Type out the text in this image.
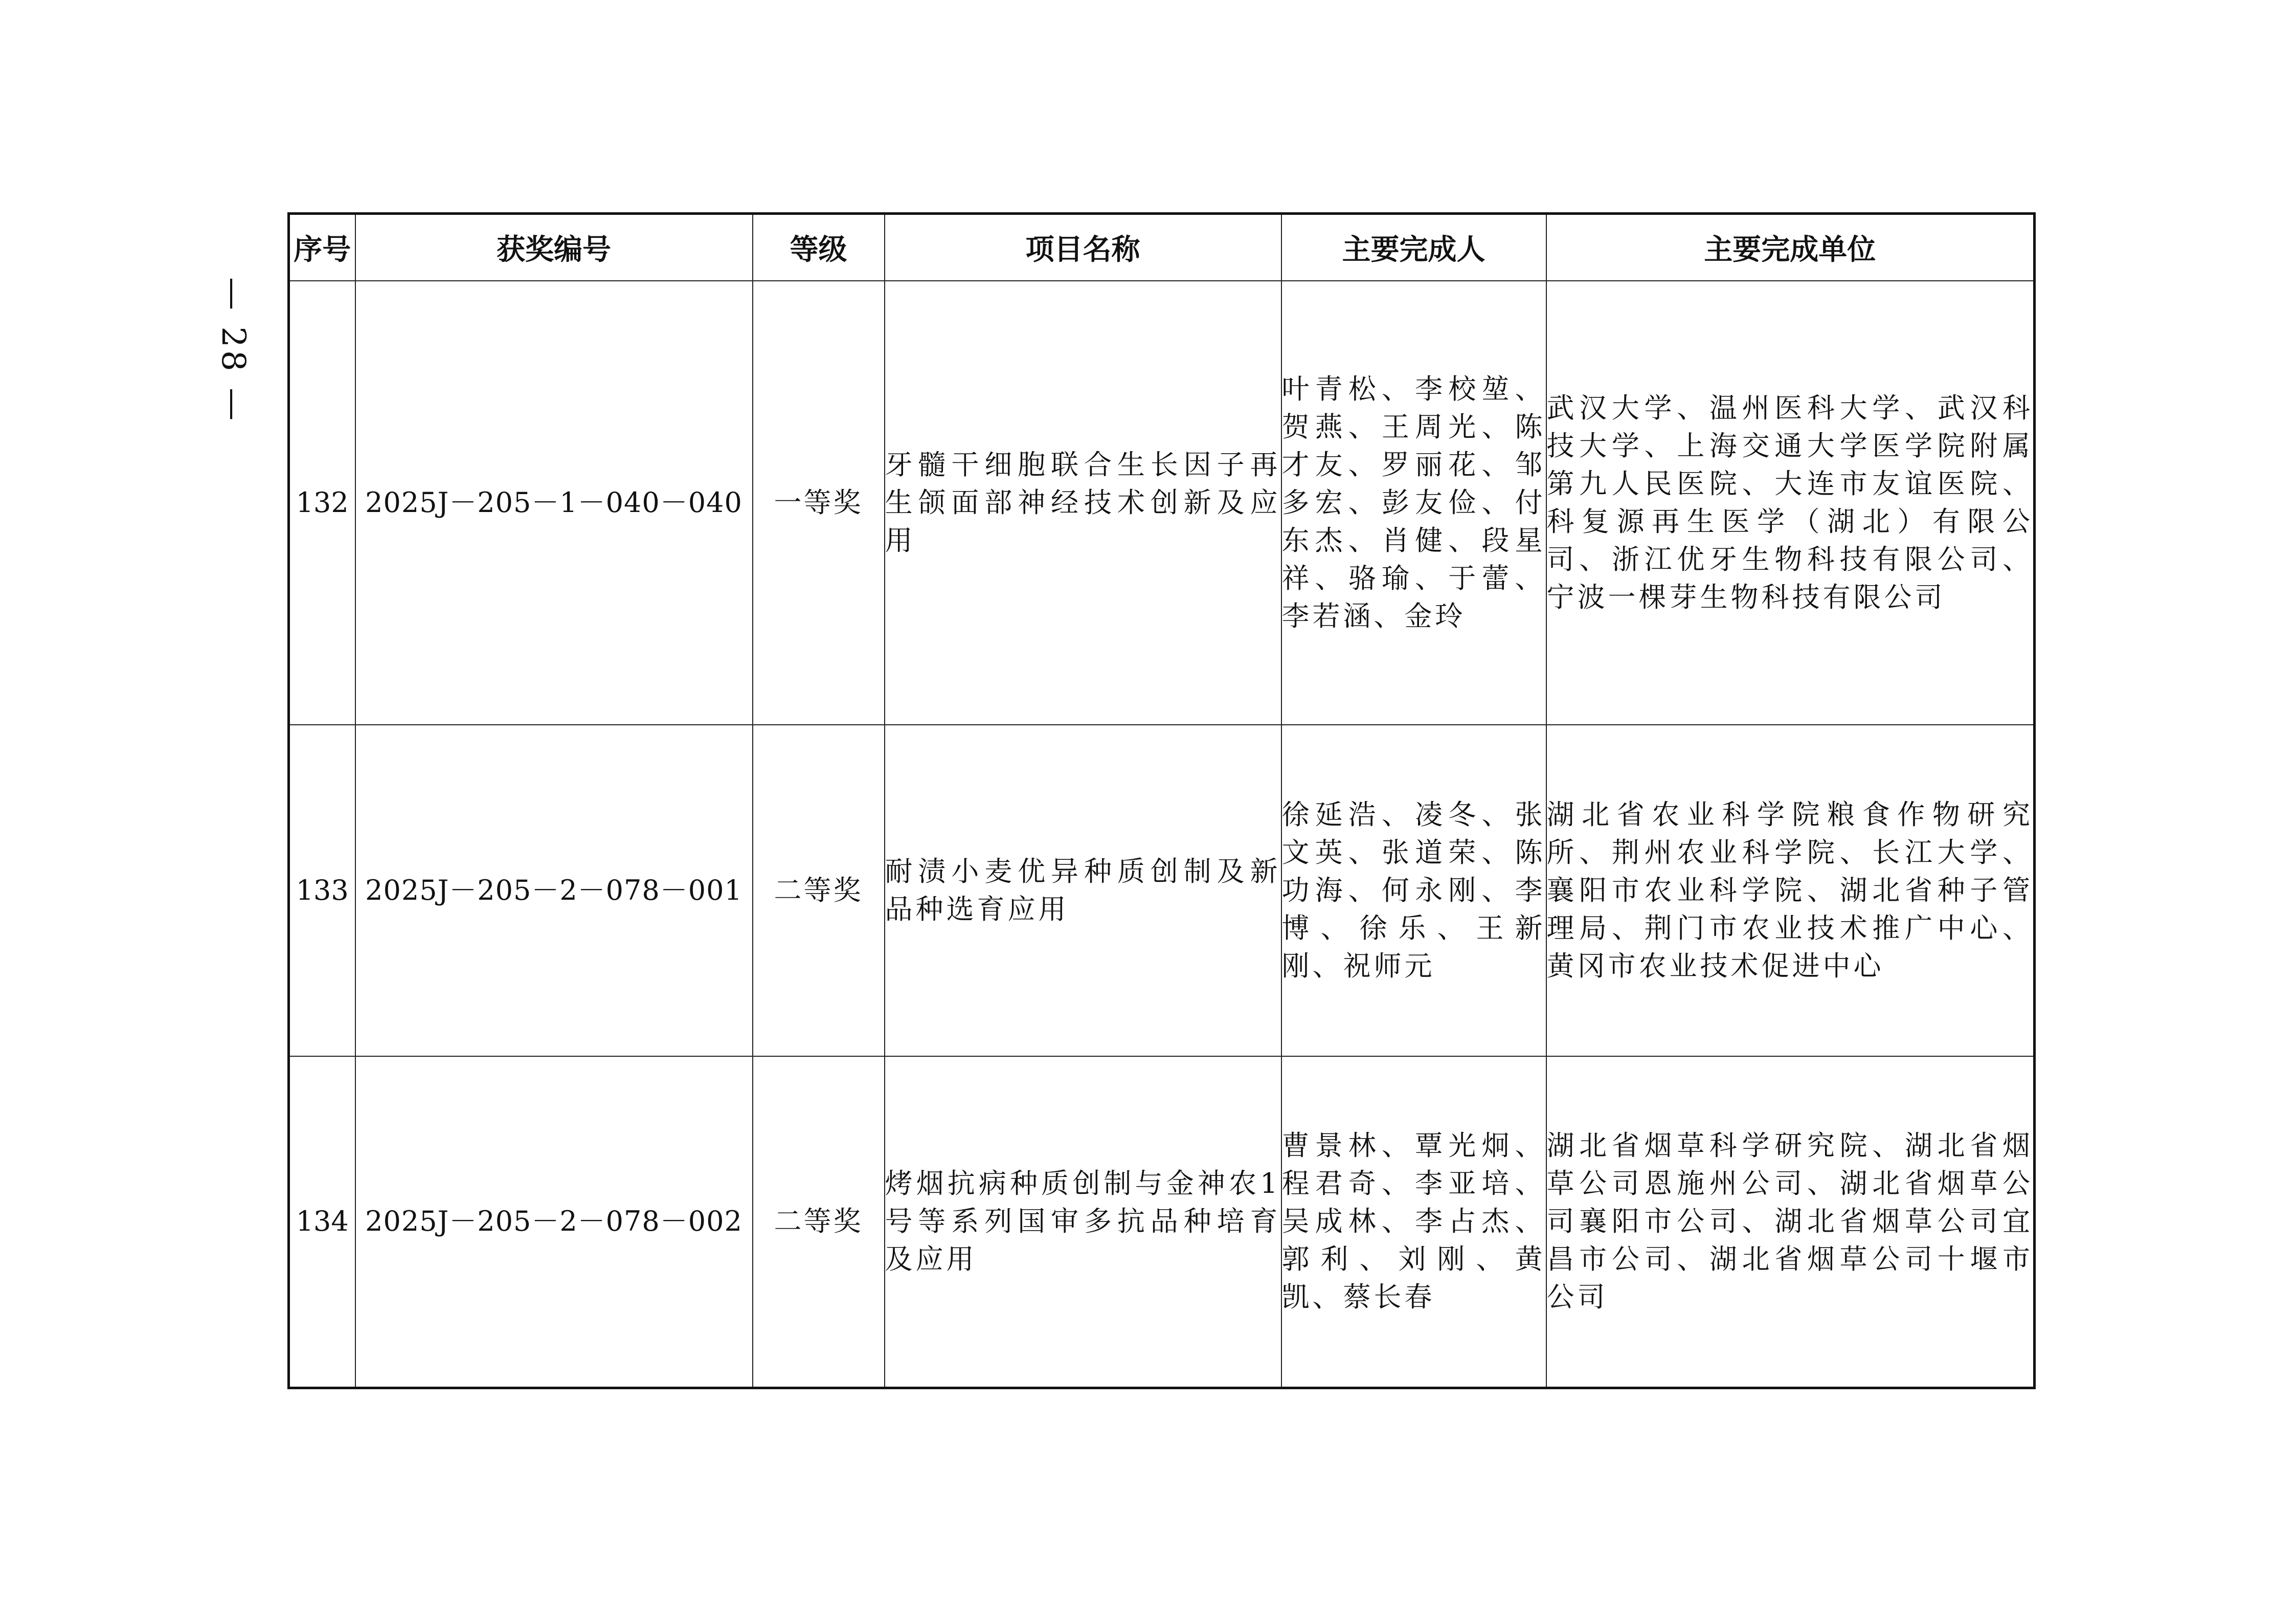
— 28 —
序号	获奖编号	等级	项目名称	主要完成人	主要完成单位
132	2025J－205－1－040－040	一等奖	牙髓干细胞联合生长因子再生颌面部神经技术创新及应用	叶青松、李校堃、贺燕、王周光、陈才友、罗丽花、邹多宏、彭友俭、付东杰、肖健、段星祥、骆瑜、于蕾、李若涵、金玲	武汉大学、温州医科大学、武汉科技大学、上海交通大学医学院附属第九人民医院、大连市友谊医院、科复源再生医学（湖北）有限公司、浙江优牙生物科技有限公司、宁波一棵芽生物科技有限公司
133	2025J－205－2－078－001	二等奖	耐渍小麦优异种质创制及新品种选育应用	徐延浩、凌冬、张文英、张道荣、陈功海、何永刚、李博、徐乐、王新刚、祝师元	湖北省农业科学院粮食作物研究所、荆州农业科学院、长江大学、襄阳市农业科学院、湖北省种子管理局、荆门市农业技术推广中心、黄冈市农业技术促进中心
134	2025J－205－2－078－002	二等奖	烤烟抗病种质创制与金神农1号等系列国审多抗品种培育及应用	曹景林、覃光炯、程君奇、李亚培、吴成林、李占杰、郭利、刘刚、黄凯、蔡长春	湖北省烟草科学研究院、湖北省烟草公司恩施州公司、湖北省烟草公司襄阳市公司、湖北省烟草公司宜昌市公司、湖北省烟草公司十堰市公司
